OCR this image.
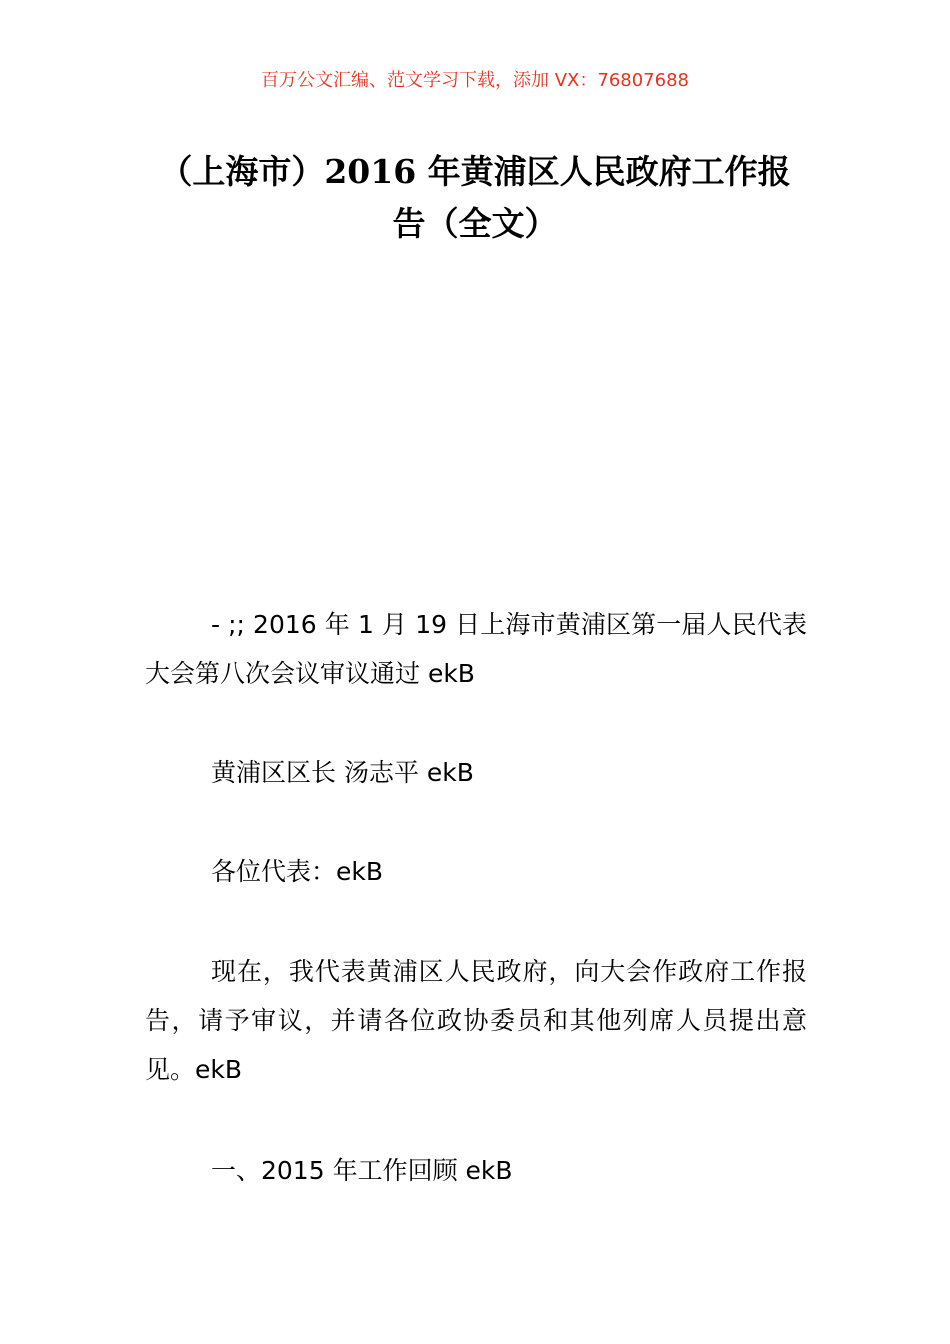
百万公文汇编、范文学习下载，添加 VX：76807688
（上海市）2016 年黄浦区人民政府工作报告（全文）
- ;; 2016 年 1 月 19 日上海市黄浦区第一届人民代表大会第八次会议审议通过 ekB
黄浦区区长 汤志平 ekB
各位代表：ekB
现在，我代表黄浦区人民政府，向大会作政府工作报告，请予审议，并请各位政协委员和其他列席人员提出意见。ekB
一、2015 年工作回顾 ekB
